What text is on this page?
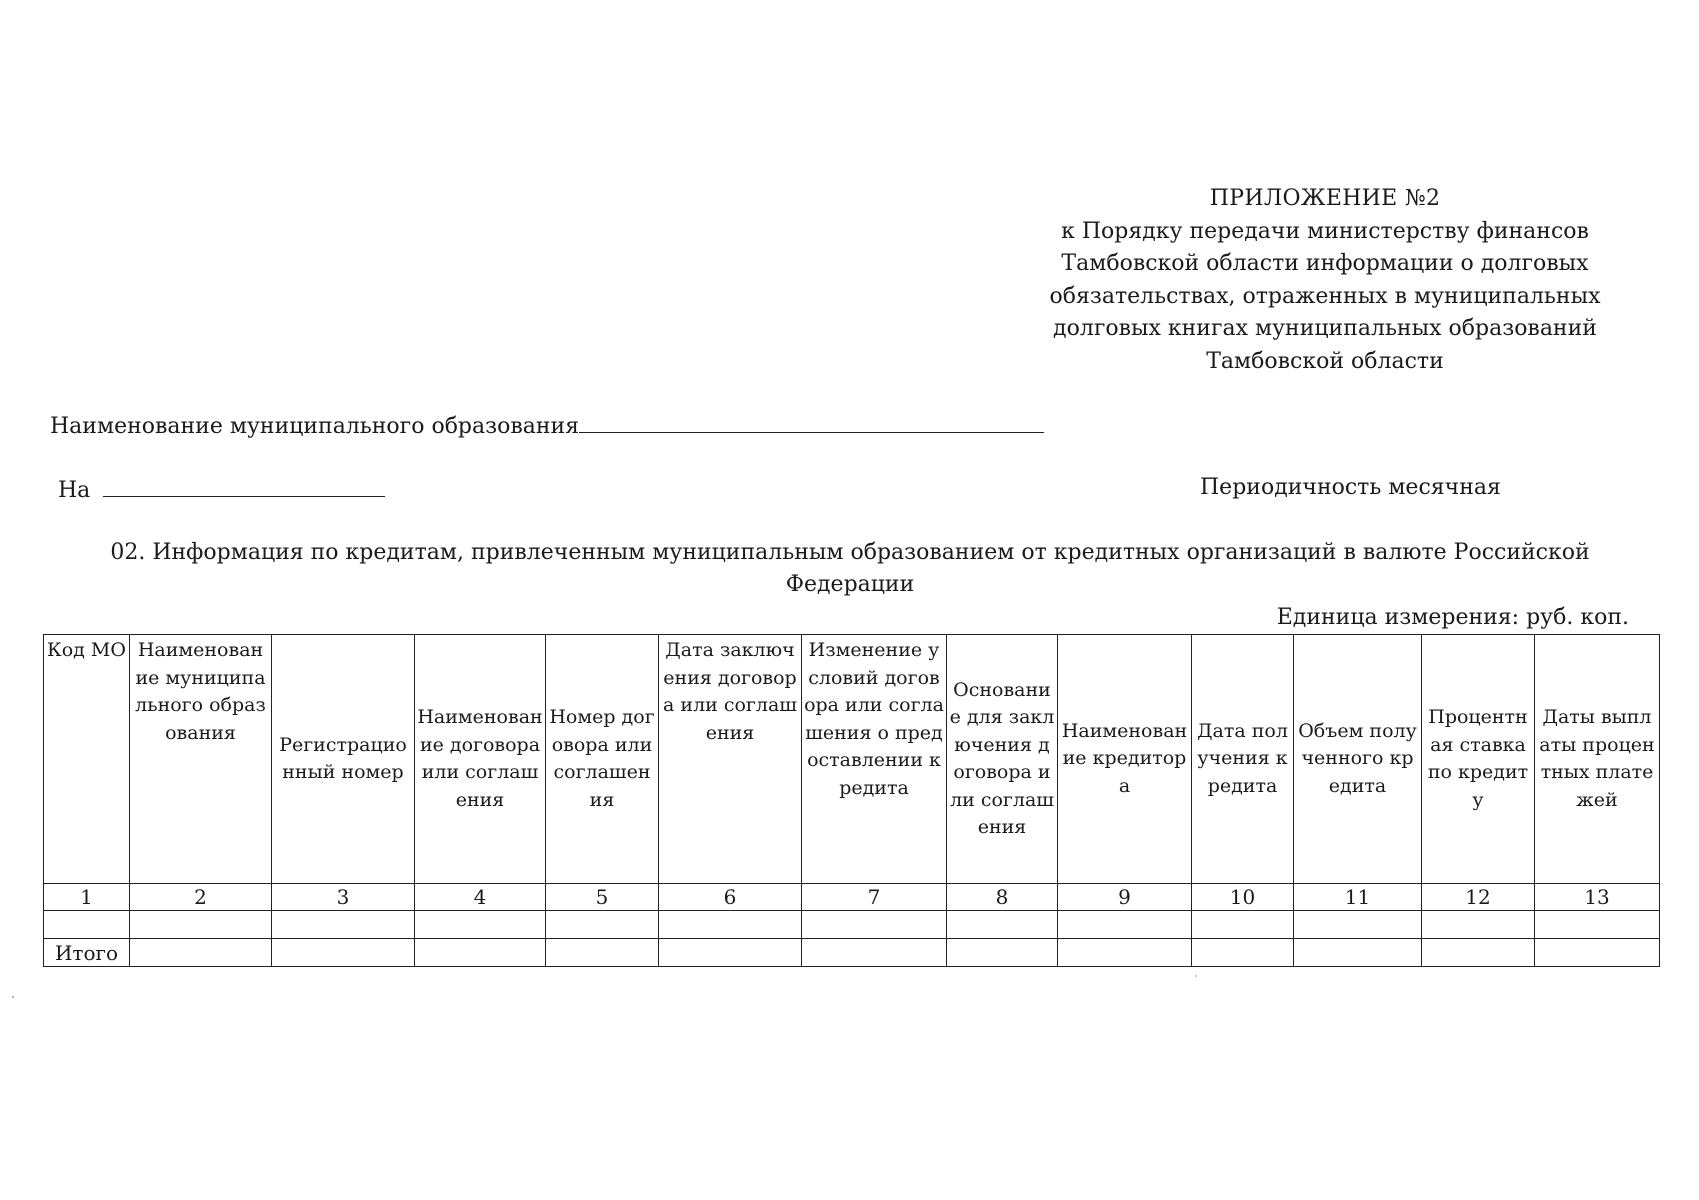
ПРИЛОЖЕНИЕ №2
к Порядку передачи министерству финансов
Тамбовской области информации о долговых
обязательствах, отраженных в муниципальных
долговых книгах муниципальных образований
Тамбовской области
Наименование муниципального образования
На	Периодичность месячная
02. Информация по кредитам, привлеченным муниципальным образованием от кредитных организаций в валюте Российской
Федерации
Единица измерения: руб. коп.
Код МО	Наименование муниципального образования	Регистрационный номер	Наименование договора или соглашения	Номер договора или соглашения	Дата заключения договора или соглашения	Изменение условий договора или соглашения о предоставлении кредита	Основание для заключения договора или соглашения	Наименование кредитора	Дата получения кредита	Объем полученного кредита	Процентная ставка по кредиту	Даты выплаты процентных платежей
1	2	3	4	5	6	7	8	9	10	11	12	13

Итого												
